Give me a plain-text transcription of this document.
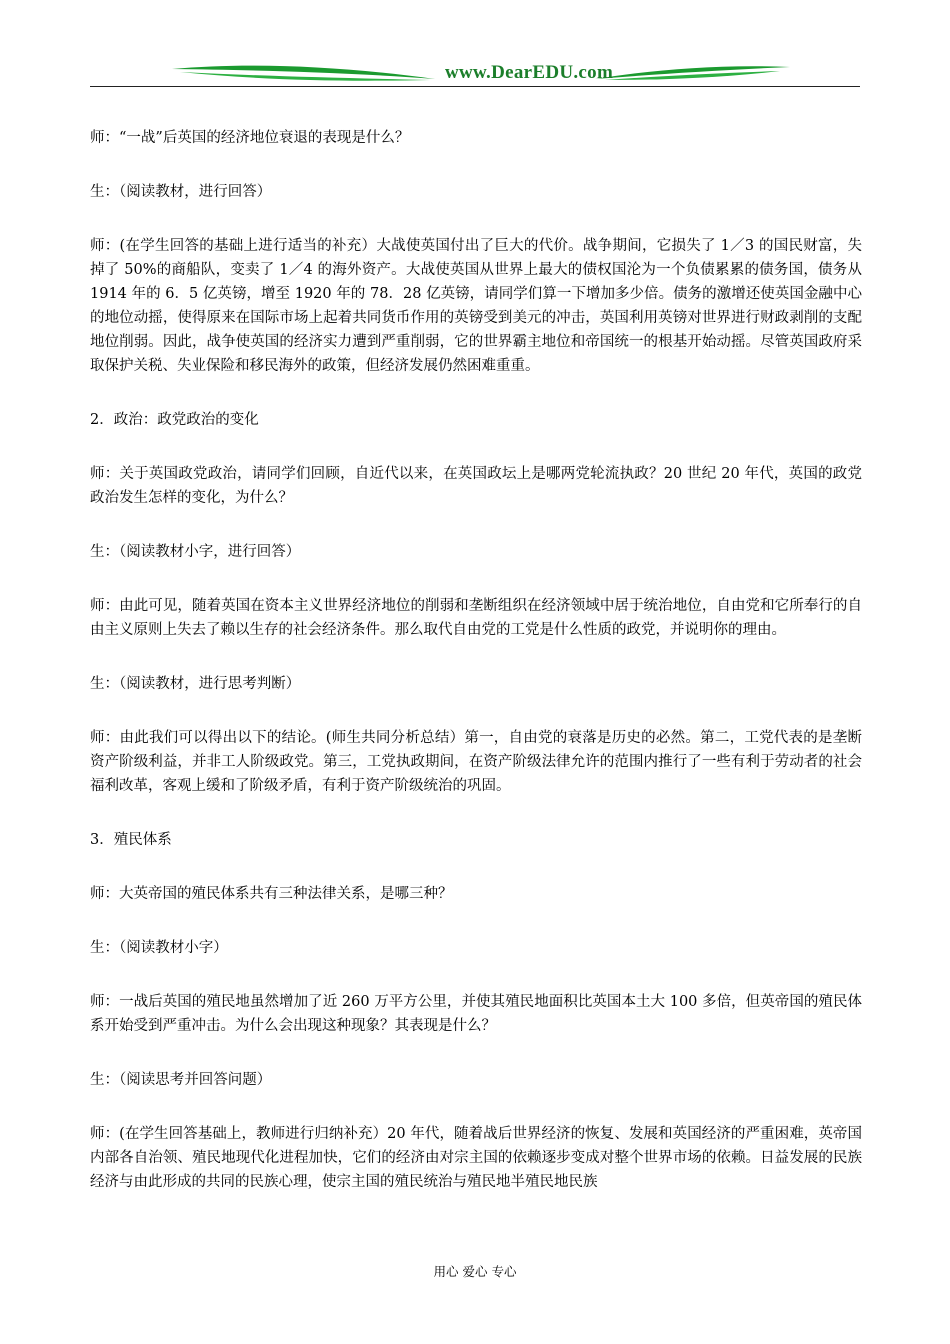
www.DearEDU.com

师：“一战”后英国的经济地位衰退的表现是什么？

生：（阅读教材，进行回答）

师：(在学生回答的基础上进行适当的补充）大战使英国付出了巨大的代价。战争期间，它损失了 1／3 的国民财富，失掉了 50%的商船队，变卖了 1／4 的海外资产。大战使英国从世界上最大的债权国沦为一个负债累累的债务国，债务从 1914 年的 6．5 亿英镑，增至 1920 年的 78．28 亿英镑，请同学们算一下增加多少倍。债务的激增还使英国金融中心的地位动摇，使得原来在国际市场上起着共同货币作用的英镑受到美元的冲击，英国利用英镑对世界进行财政剥削的支配地位削弱。因此，战争使英国的经济实力遭到严重削弱，它的世界霸主地位和帝国统一的根基开始动摇。尽管英国政府采取保护关税、失业保险和移民海外的政策，但经济发展仍然困难重重。

2．政治：政党政治的变化

师：关于英国政党政治，请同学们回顾，自近代以来，在英国政坛上是哪两党轮流执政？20 世纪 20 年代，英国的政党政治发生怎样的变化，为什么？

生：（阅读教材小字，进行回答）

师：由此可见，随着英国在资本主义世界经济地位的削弱和垄断组织在经济领域中居于统治地位，自由党和它所奉行的自由主义原则上失去了赖以生存的社会经济条件。那么取代自由党的工党是什么性质的政党，并说明你的理由。

生：（阅读教材，进行思考判断）

师：由此我们可以得出以下的结论。(师生共同分析总结）第一，自由党的衰落是历史的必然。第二，工党代表的是垄断资产阶级利益，并非工人阶级政党。第三，工党执政期间，在资产阶级法律允许的范围内推行了一些有利于劳动者的社会福利改革，客观上缓和了阶级矛盾，有利于资产阶级统治的巩固。

3．殖民体系

师：大英帝国的殖民体系共有三种法律关系，是哪三种？

生：（阅读教材小字）

师：一战后英国的殖民地虽然增加了近 260 万平方公里，并使其殖民地面积比英国本土大 100 多倍，但英帝国的殖民体系开始受到严重冲击。为什么会出现这种现象？其表现是什么？

生：（阅读思考并回答问题）

师：(在学生回答基础上，教师进行归纳补充）20 年代，随着战后世界经济的恢复、发展和英国经济的严重困难，英帝国内部各自治领、殖民地现代化进程加快，它们的经济由对宗主国的依赖逐步变成对整个世界市场的依赖。日益发展的民族经济与由此形成的共同的民族心理，使宗主国的殖民统治与殖民地半殖民地民族

用心 爱心 专心
